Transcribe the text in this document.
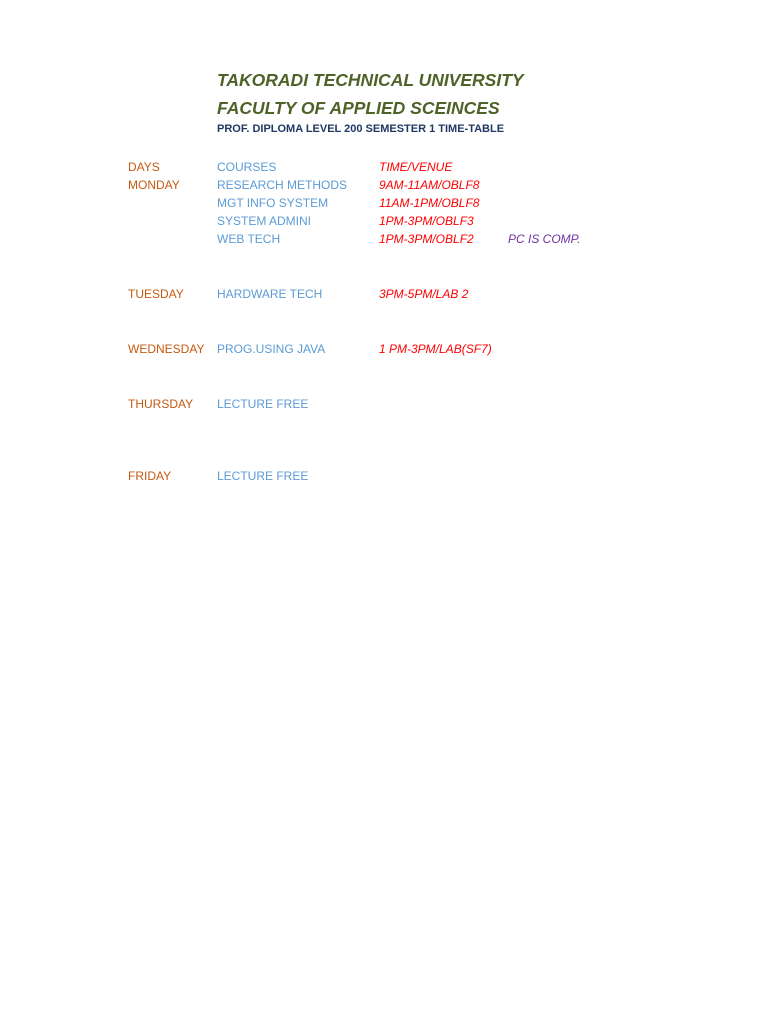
TAKORADI TECHNICAL UNIVERSITY
FACULTY OF APPLIED SCEINCES
PROF. DIPLOMA LEVEL 200 SEMESTER 1 TIME-TABLE
DAYS	COURSES	TIME/VENUE
MONDAY	RESEARCH METHODS	9AM-11AM/OBLF8
MGT INFO SYSTEM	11AM-1PM/OBLF8
SYSTEM ADMINI	1PM-3PM/OBLF3
WEB TECH	1PM-3PM/OBLF2	PC IS COMP.
TUESDAY	HARDWARE TECH	3PM-5PM/LAB 2
WEDNESDAY PROG.USING JAVA	1 PM-3PM/LAB(SF7)
THURSDAY LECTURE FREE
FRIDAY	LECTURE FREE
